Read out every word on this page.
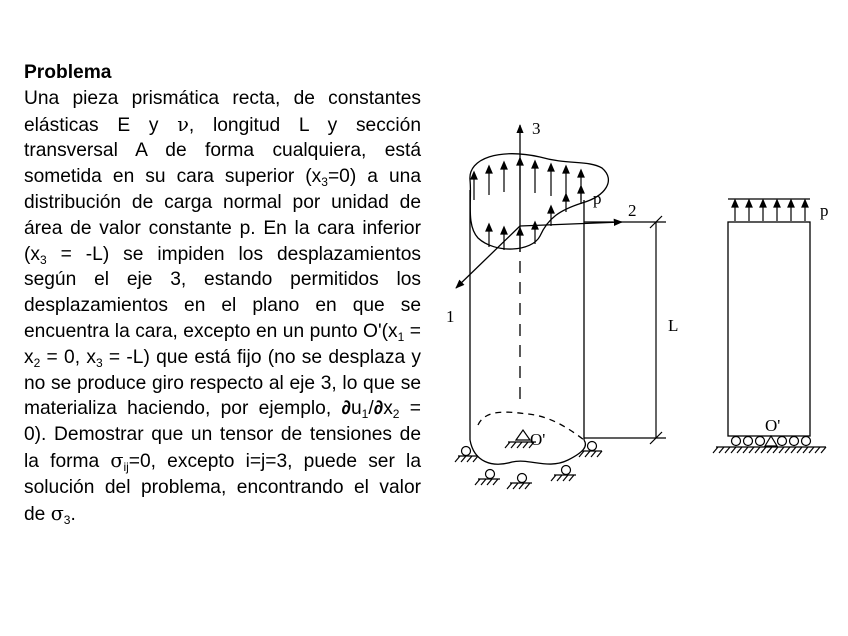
Problema
Una pieza prismática recta, de constantes elásticas E y ν, longitud L y sección transversal A de forma cualquiera, está sometida en su cara superior $(x_3=0)$ a una distribución de carga normal por unidad de área de valor constante p. En la cara inferior $(x_3 = -L)$ se impiden los desplazamientos según el eje 3, estando permitidos los desplazamientos en el plano en que se encuentra la cara, excepto en un punto $O'(x_1 = x_2 = 0$, $x_3 = -L$) que está fijo (no se desplaza y no se produce giro respecto al eje 3, lo que se materializa haciendo, por ejemplo, $\partial u_1/\partial x_2 = 0$). Demostrar que un tensor de tensiones de la forma $\sigma_{ij}=0$, excepto i=j=3, puede ser la solución del problema, encontrando el valor de $\sigma_3$.
3
2
1
p
L
O'
p
O'
